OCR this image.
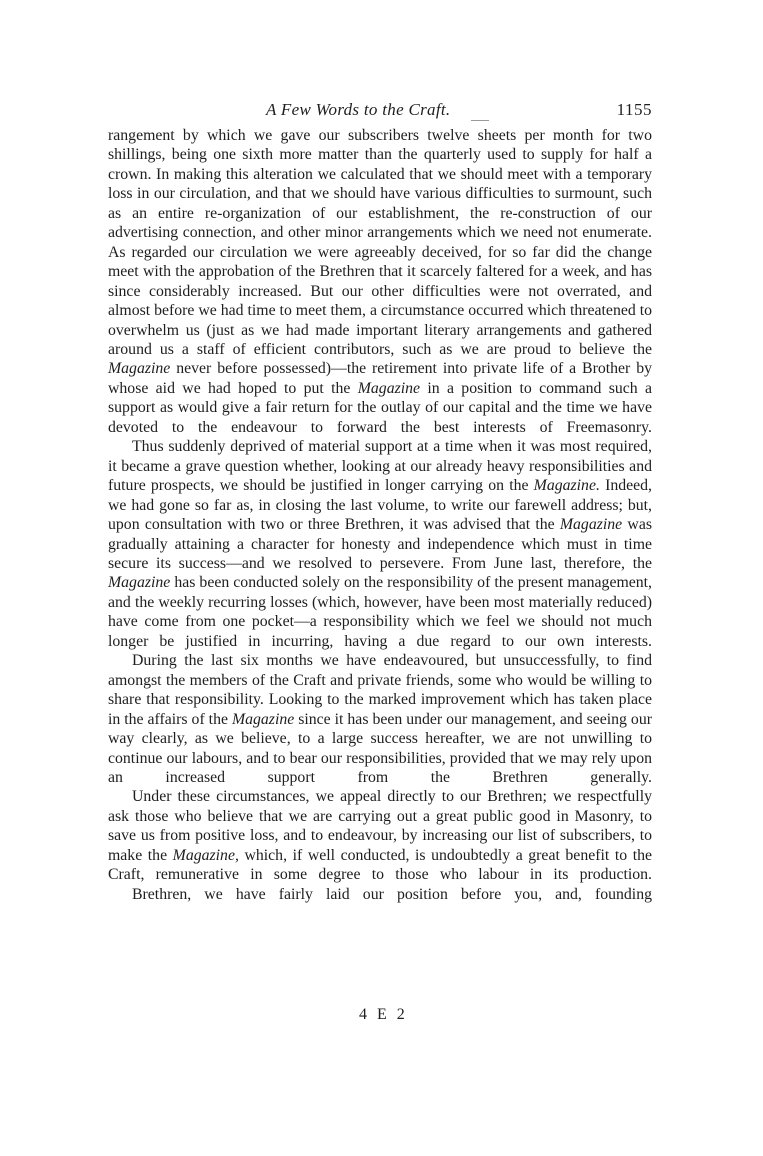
A Few Words to the Craft.	1155

rangement by which we gave our subscribers twelve sheets per month for two shillings, being one sixth more matter than the quarterly used to supply for half a crown. In making this alteration we calculated that we should meet with a temporary loss in our circulation, and that we should have various difficulties to surmount, such as an entire re-organization of our establishment, the re-construction of our advertising connection, and other minor arrangements which we need not enumerate. As regarded our circulation we were agreeably deceived, for so far did the change meet with the approbation of the Brethren that it scarcely faltered for a week, and has since considerably increased. But our other difficulties were not overrated, and almost before we had time to meet them, a circumstance occurred which threatened to overwhelm us (just as we had made important literary arrangements and gathered around us a staff of efficient contributors, such as we are proud to believe the Magazine never before possessed)—the retirement into private life of a Brother by whose aid we had hoped to put the Magazine in a position to command such a support as would give a fair return for the outlay of our capital and the time we have devoted to the endeavour to forward the best interests of Freemasonry.

Thus suddenly deprived of material support at a time when it was most required, it became a grave question whether, looking at our already heavy responsibilities and future prospects, we should be justified in longer carrying on the Magazine. Indeed, we had gone so far as, in closing the last volume, to write our farewell address; but, upon consultation with two or three Brethren, it was advised that the Magazine was gradually attaining a character for honesty and independence which must in time secure its success—and we resolved to persevere. From June last, therefore, the Magazine has been conducted solely on the responsibility of the present management, and the weekly recurring losses (which, however, have been most materially reduced) have come from one pocket—a responsibility which we feel we should not much longer be justified in incurring, having a due regard to our own interests.

During the last six months we have endeavoured, but unsuccessfully, to find amongst the members of the Craft and private friends, some who would be willing to share that responsibility. Looking to the marked improvement which has taken place in the affairs of the Magazine since it has been under our management, and seeing our way clearly, as we believe, to a large success hereafter, we are not unwilling to continue our labours, and to bear our responsibilities, provided that we may rely upon an increased support from the Brethren generally.

Under these circumstances, we appeal directly to our Brethren; we respectfully ask those who believe that we are carrying out a great public good in Masonry, to save us from positive loss, and to endeavour, by increasing our list of subscribers, to make the Magazine, which, if well conducted, is undoubtedly a great benefit to the Craft, remunerative in some degree to those who labour in its production.

Brethren, we have fairly laid our position before you, and, founding

4 E 2
